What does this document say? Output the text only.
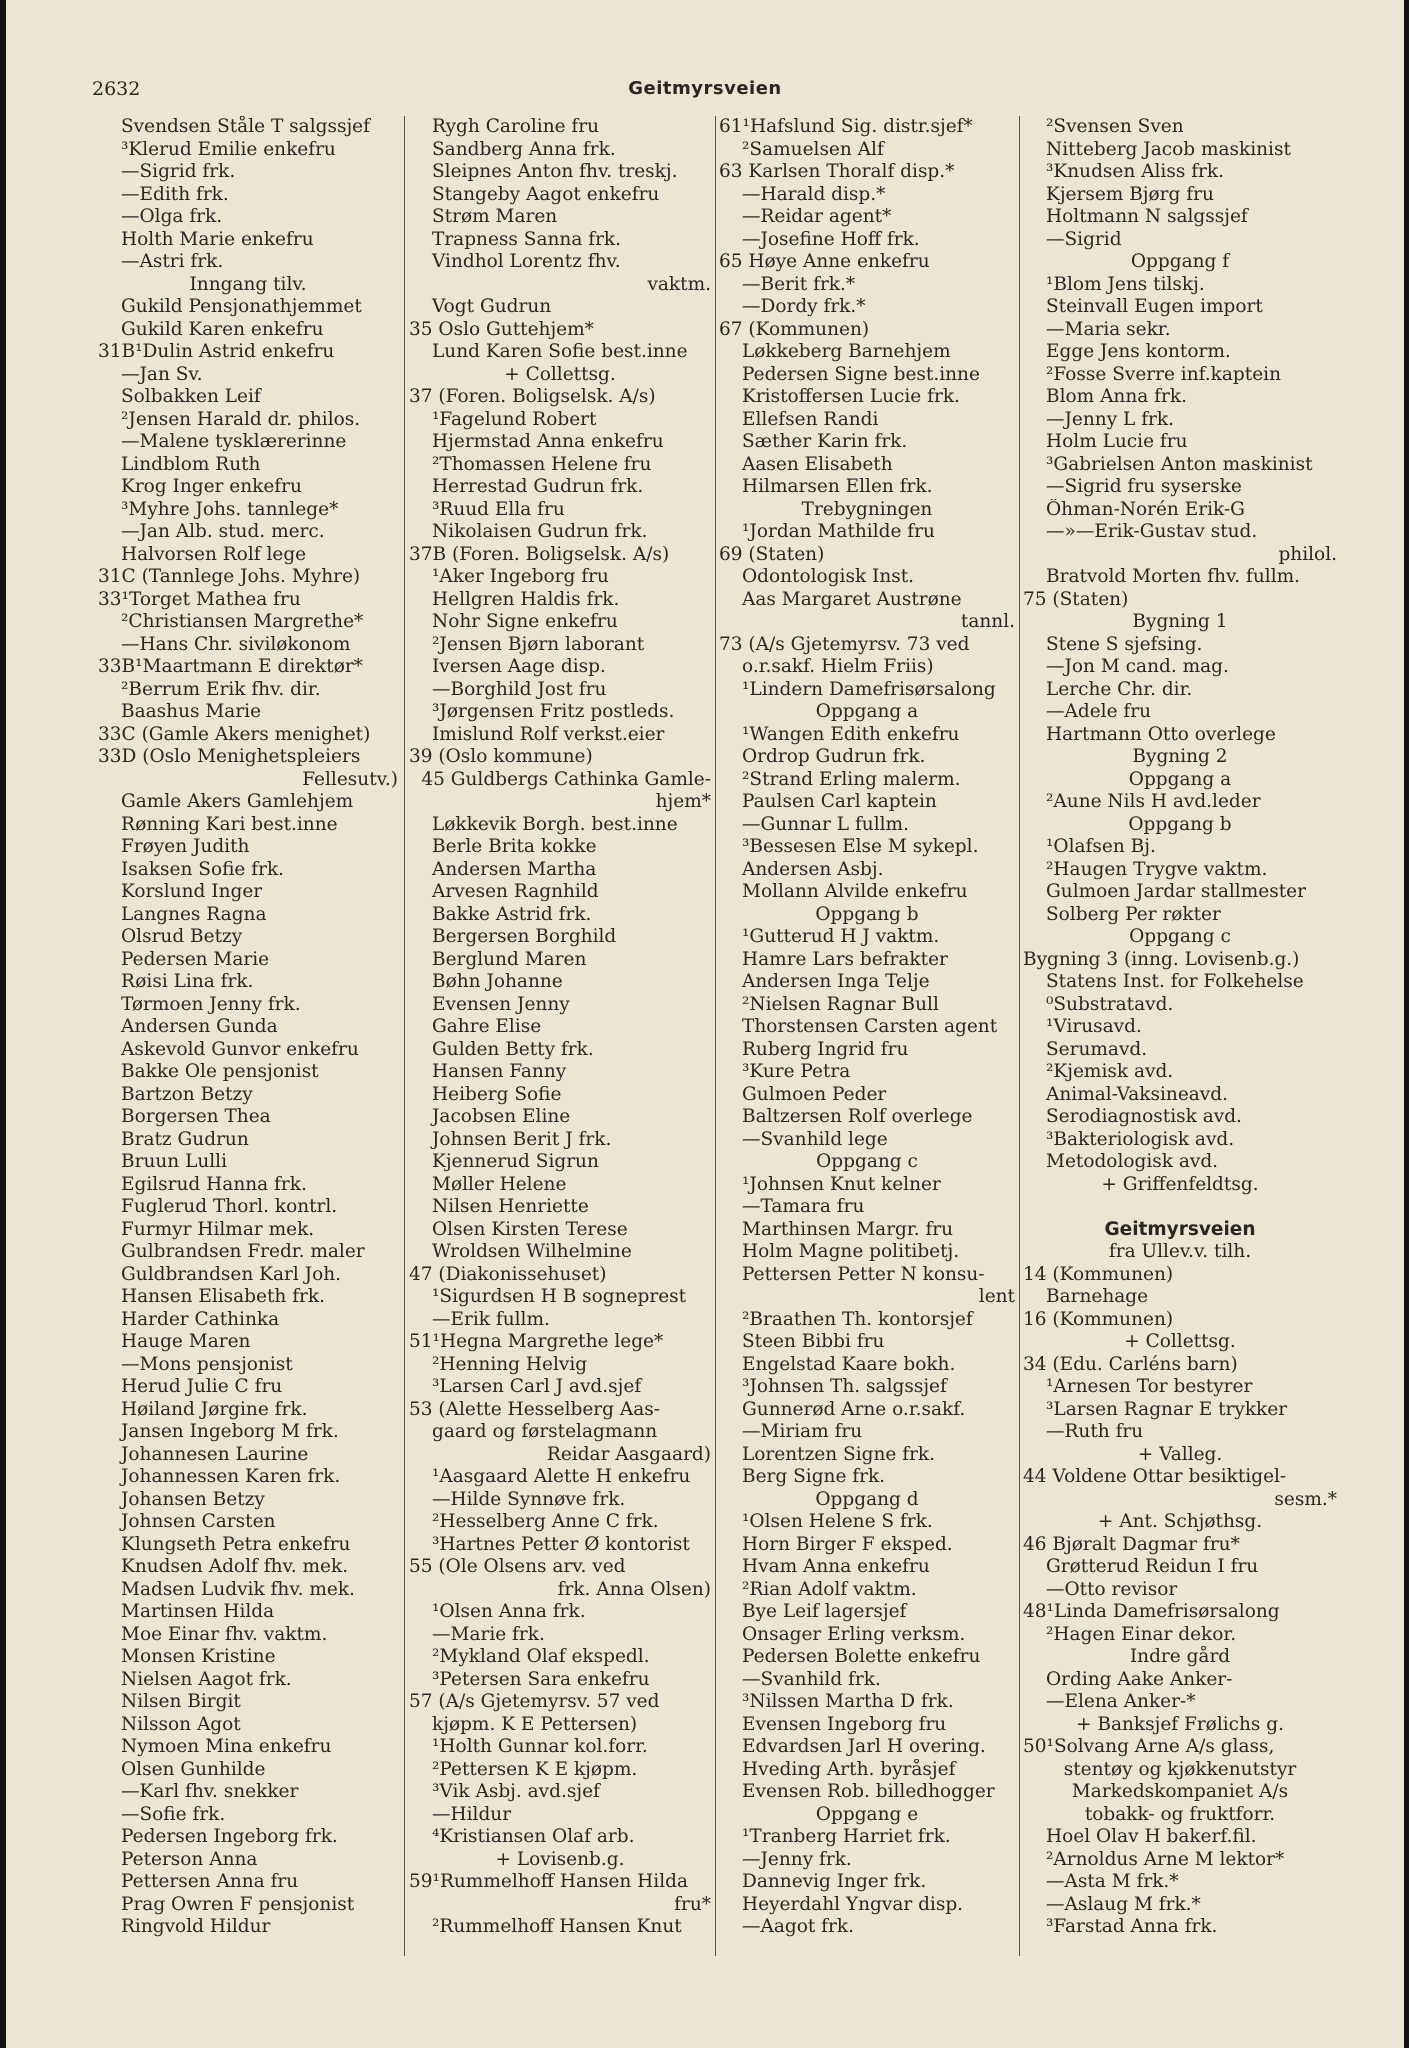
2632	Geitmyrsveien
Svendsen Ståle T salgssjef
³Klerud Emilie enkefru
—Sigrid frk.
—Edith frk.
—Olga frk.
Holth Marie enkefru
—Astri frk.
Inngang tilv.
Gukild Pensjonathjemmet
Gukild Karen enkefru
31B¹Dulin Astrid enkefru
—Jan Sv.
Solbakken Leif
²Jensen Harald dr. philos.
—Malene tysklærerinne
Lindblom Ruth
Krog Inger enkefru
³Myhre Johs. tannlege*
—Jan Alb. stud. merc.
Halvorsen Rolf lege
31C (Tannlege Johs. Myhre)
33¹Torget Mathea fru
²Christiansen Margrethe*
—Hans Chr. siviløkonom
33B¹Maartmann E direktør*
²Berrum Erik fhv. dir.
Baashus Marie
33C (Gamle Akers menighet)
33D (Oslo Menighetspleiers
Fellesutv.)
Gamle Akers Gamlehjem
Rønning Kari best.inne
Frøyen Judith
Isaksen Sofie frk.
Korslund Inger
Langnes Ragna
Olsrud Betzy
Pedersen Marie
Røisi Lina frk.
Tørmoen Jenny frk.
Andersen Gunda
Askevold Gunvor enkefru
Bakke Ole pensjonist
Bartzon Betzy
Borgersen Thea
Bratz Gudrun
Bruun Lulli
Egilsrud Hanna frk.
Fuglerud Thorl. kontrl.
Furmyr Hilmar mek.
Gulbrandsen Fredr. maler
Guldbrandsen Karl Joh.
Hansen Elisabeth frk.
Harder Cathinka
Hauge Maren
—Mons pensjonist
Herud Julie C fru
Høiland Jørgine frk.
Jansen Ingeborg M frk.
Johannesen Laurine
Johannessen Karen frk.
Johansen Betzy
Johnsen Carsten
Klungseth Petra enkefru
Knudsen Adolf fhv. mek.
Madsen Ludvik fhv. mek.
Martinsen Hilda
Moe Einar fhv. vaktm.
Monsen Kristine
Nielsen Aagot frk.
Nilsen Birgit
Nilsson Agot
Nymoen Mina enkefru
Olsen Gunhilde
—Karl fhv. snekker
—Sofie frk.
Pedersen Ingeborg frk.
Peterson Anna
Pettersen Anna fru
Prag Owren F pensjonist
Ringvold Hildur
Rygh Caroline fru
Sandberg Anna frk.
Sleipnes Anton fhv. treskj.
Stangeby Aagot enkefru
Strøm Maren
Trapness Sanna frk.
Vindhol Lorentz fhv.
vaktm.
Vogt Gudrun
35 Oslo Guttehjem*
Lund Karen Sofie best.inne
+ Collettsg.
37 (Foren. Boligselsk. A/s)
¹Fagelund Robert
Hjermstad Anna enkefru
²Thomassen Helene fru
Herrestad Gudrun frk.
³Ruud Ella fru
Nikolaisen Gudrun frk.
37B (Foren. Boligselsk. A/s)
¹Aker Ingeborg fru
Hellgren Haldis frk.
Nohr Signe enkefru
²Jensen Bjørn laborant
Iversen Aage disp.
—Borghild Jost fru
³Jørgensen Fritz postleds.
Imislund Rolf verkst.eier
39 (Oslo kommune)
45 Guldbergs Cathinka Gamle-
hjem*
Løkkevik Borgh. best.inne
Berle Brita kokke
Andersen Martha
Arvesen Ragnhild
Bakke Astrid frk.
Bergersen Borghild
Berglund Maren
Bøhn Johanne
Evensen Jenny
Gahre Elise
Gulden Betty frk.
Hansen Fanny
Heiberg Sofie
Jacobsen Eline
Johnsen Berit J frk.
Kjennerud Sigrun
Møller Helene
Nilsen Henriette
Olsen Kirsten Terese
Wroldsen Wilhelmine
47 (Diakonissehuset)
¹Sigurdsen H B sogneprest
—Erik fullm.
51¹Hegna Margrethe lege*
²Henning Helvig
³Larsen Carl J avd.sjef
53 (Alette Hesselberg Aas-
gaard og førstelagmann
Reidar Aasgaard)
¹Aasgaard Alette H enkefru
—Hilde Synnøve frk.
²Hesselberg Anne C frk.
³Hartnes Petter Ø kontorist
55 (Ole Olsens arv. ved
frk. Anna Olsen)
¹Olsen Anna frk.
—Marie frk.
²Mykland Olaf ekspedl.
³Petersen Sara enkefru
57 (A/s Gjetemyrsv. 57 ved
kjøpm. K E Pettersen)
¹Holth Gunnar kol.forr.
²Pettersen K E kjøpm.
³Vik Asbj. avd.sjef
—Hildur
⁴Kristiansen Olaf arb.
+ Lovisenb.g.
59¹Rummelhoff Hansen Hilda
fru*
²Rummelhoff Hansen Knut
61¹Hafslund Sig. distr.sjef*
²Samuelsen Alf
63 Karlsen Thoralf disp.*
—Harald disp.*
—Reidar agent*
—Josefine Hoff frk.
65 Høye Anne enkefru
—Berit frk.*
—Dordy frk.*
67 (Kommunen)
Løkkeberg Barnehjem
Pedersen Signe best.inne
Kristoffersen Lucie frk.
Ellefsen Randi
Sæther Karin frk.
Aasen Elisabeth
Hilmarsen Ellen frk.
Trebygningen
¹Jordan Mathilde fru
69 (Staten)
Odontologisk Inst.
Aas Margaret Austrøne
tannl.
73 (A/s Gjetemyrsv. 73 ved
o.r.sakf. Hielm Friis)
¹Lindern Damefrisørsalong
Oppgang a
¹Wangen Edith enkefru
Ordrop Gudrun frk.
²Strand Erling malerm.
Paulsen Carl kaptein
—Gunnar L fullm.
³Bessesen Else M sykepl.
Andersen Asbj.
Mollann Alvilde enkefru
Oppgang b
¹Gutterud H J vaktm.
Hamre Lars befrakter
Andersen Inga Telje
²Nielsen Ragnar Bull
Thorstensen Carsten agent
Ruberg Ingrid fru
³Kure Petra
Gulmoen Peder
Baltzersen Rolf overlege
—Svanhild lege
Oppgang c
¹Johnsen Knut kelner
—Tamara fru
Marthinsen Margr. fru
Holm Magne politibetj.
Pettersen Petter N konsu-
lent
²Braathen Th. kontorsjef
Steen Bibbi fru
Engelstad Kaare bokh.
³Johnsen Th. salgssjef
Gunnerød Arne o.r.sakf.
—Miriam fru
Lorentzen Signe frk.
Berg Signe frk.
Oppgang d
¹Olsen Helene S frk.
Horn Birger F eksped.
Hvam Anna enkefru
²Rian Adolf vaktm.
Bye Leif lagersjef
Onsager Erling verksm.
Pedersen Bolette enkefru
—Svanhild frk.
³Nilssen Martha D frk.
Evensen Ingeborg fru
Edvardsen Jarl H overing.
Hveding Arth. byråsjef
Evensen Rob. billedhogger
Oppgang e
¹Tranberg Harriet frk.
—Jenny frk.
Dannevig Inger frk.
Heyerdahl Yngvar disp.
—Aagot frk.
²Svensen Sven
Nitteberg Jacob maskinist
³Knudsen Aliss frk.
Kjersem Bjørg fru
Holtmann N salgssjef
—Sigrid
Oppgang f
¹Blom Jens tilskj.
Steinvall Eugen import
—Maria sekr.
Egge Jens kontorm.
²Fosse Sverre inf.kaptein
Blom Anna frk.
—Jenny L frk.
Holm Lucie fru
³Gabrielsen Anton maskinist
—Sigrid fru syserske
Öhman-Norén Erik-G
—»—Erik-Gustav stud.
philol.
Bratvold Morten fhv. fullm.
75 (Staten)
Bygning 1
Stene S sjefsing.
—Jon M cand. mag.
Lerche Chr. dir.
—Adele fru
Hartmann Otto overlege
Bygning 2
Oppgang a
²Aune Nils H avd.leder
Oppgang b
¹Olafsen Bj.
²Haugen Trygve vaktm.
Gulmoen Jardar stallmester
Solberg Per røkter
Oppgang c
Bygning 3 (inng. Lovisenb.g.)
Statens Inst. for Folkehelse
⁰Substratavd.
¹Virusavd.
Serumavd.
²Kjemisk avd.
Animal-Vaksineavd.
Serodiagnostisk avd.
³Bakteriologisk avd.
Metodologisk avd.
+ Griffenfeldtsg.
Geitmyrsveien
fra Ullev.v. tilh.
14 (Kommunen)
Barnehage
16 (Kommunen)
+ Collettsg.
34 (Edu. Carléns barn)
¹Arnesen Tor bestyrer
³Larsen Ragnar E trykker
—Ruth fru
+ Valleg.
44 Voldene Ottar besiktigel-
sesm.*
+ Ant. Schjøthsg.
46 Bjøralt Dagmar fru*
Grøtterud Reidun I fru
—Otto revisor
48¹Linda Damefrisørsalong
²Hagen Einar dekor.
Indre gård
Ording Aake Anker-
—Elena Anker-*
+ Banksjef Frølichs g.
50¹Solvang Arne A/s glass,
stentøy og kjøkkenutstyr
Markedskompaniet A/s
tobakk- og fruktforr.
Hoel Olav H bakerf.fil.
²Arnoldus Arne M lektor*
—Asta M frk.*
—Aslaug M frk.*
³Farstad Anna frk.
